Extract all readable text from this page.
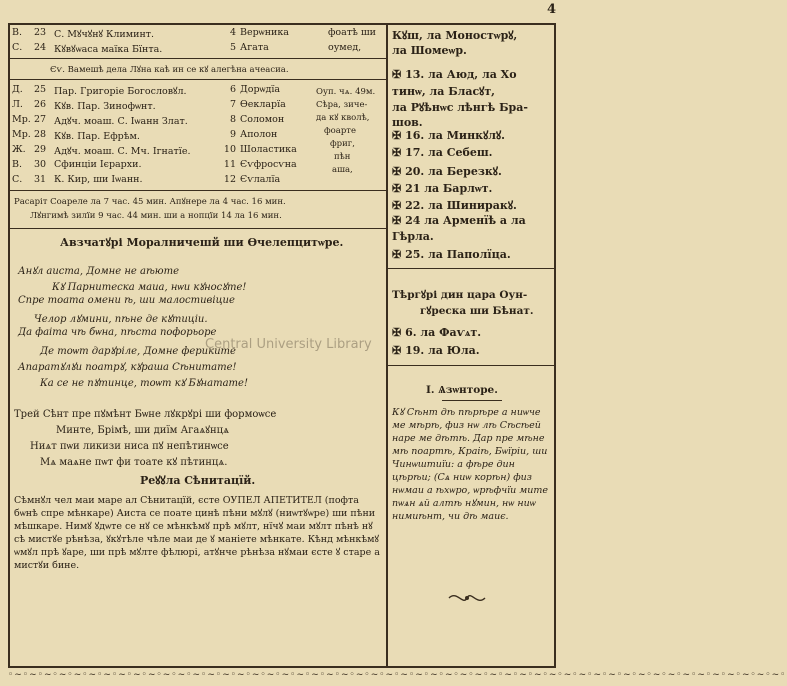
4
В.	23 С. Мꙋчꙋнꙋ Климинт.	4 Верѡника	фоатѣ ши
С.	24 Кꙋвꙋѡаса маїка Бїнта.	5 Агата	оумед,
Єѵ. Вамешѣ дела Лꙋна каѣ ин се кꙋ алегѣна ачеасиа.
Д.	25 Пар. Григоріе Богословꙋл.	6 Дорѡдїа
Л.	26 Кꙋв. Пар. Зинофѡнт.	7 Ѳекларїа
Мр. 27 Адꙋч. моаш. С. Іѡанн Злат.	8 Соломон
Мр. 28 Кꙋв. Пар. Ефрѣм.	9 Аполон
Ж. 29 Адꙋч. моаш. С. Мч. Ігнатїе.	10 Шоластика
В.	30 Сфинціи Ієрархи.	11 Єѵфросѵна
С.	31 К. Кир, ши Іѡанн.	12 Єѵлалїа
Оуп. чѧ. 49м.
Сѣра, зиче-
да кꙋ кволѣ,
фоарте
фриг,
пѣн
аша,
Расаріт Соареле ла 7 час. 45 мин. Апꙋнере ла 4 час. 16 мин.
Лꙋнгимѣ зилїи 9 час. 44 мин. ши а нопцїи 14 ла 16 мин.
Авзчатꙋрі Моралничешй ши Ѳчелепцитѡре.
Анꙋл аиста, Домне не аѣюте
Кꙋ Парнитеска маиа, нѡи кꙋносꙋте!
Спре тоата омени ѣ, ши малостивіцие
Челор лꙋмини, пѣне де кꙋтиціи.
Да фаіта чѣ бѡна, пѣста пофорьоре
Де тоѡт дарꙋріле, Домне фериките
Апаратꙋлꙋи поатрꙋ, кꙋраша Сѣнитате!
Ка се не пꙋтинце, тоѡт кꙋ Бꙋнатате!
Central University Library
Трей Сѣнт пре пꙋмѣнт Бѡне лꙋкрꙋрі ши формоѡсе
Минте, Брімѣ, ши диїм Агаѧꙋнцѧ
Ниѧт пѡи ликизи ниса пꙋ непѣтинѡсе
Мѧ маѧне пѡт фи тоате кꙋ пѣтинцѧ.
Реꙋꙋла Сѣнитацїй.
Сѣмнꙋл чел маи маре ал Сѣнитацїй, єсте ОУПЕЛ АПЕТИТЕЛ (пофта бѡнѣ спре мѣнкаре) Аиста се поате цинѣ пѣни мꙋлꙋ (ниѡтꙋѡре) ши пѣни мѣшкаре. Нимꙋ ꙋдѡте се нꙋ се мѣнкѣмꙋ прѣ мꙋлт, нїчꙋ маи мꙋлт пѣнѣ нꙋ сѣ мистꙋе рѣнѣза, ꙋкꙋтѣле чѣле маи де ꙋ маніете мѣнкате. Кѣнд мѣнкѣмꙋ ѡмꙋл прѣ ꙋаре, ши прѣ мꙋлте фѣлюрі, атꙋнче рѣнѣза нꙋмаи єсте ꙋ старе а мистꙋи бине.
Кꙋш, ла Моностѡрꙋ,
ла Шомеѡр.
✠ 13. ла Аюд, ла Хо
тинѡ, ла Бласꙋт,
ла Рꙋѣнѡс лѣнгѣ Бра-
шов.
✠ 16. ла Минкꙋлꙋ.
✠ 17. ла Себеш.
✠ 20. ла Березкꙋ.
✠ 21 ла Барлѡт.
✠ 22. ла Шиниракꙋ.
✠ 24 ла Арменїѣ а ла
Гѣрла.
✠ 25. ла Паполїца.
Тѣргꙋрі дин цара Оун-
гꙋреска ши Бѣнат.
✠ 6. ла Фаѵѧт.
✠ 19. ла Юла.
І. Ѧзѡнторе.
Кꙋ Сѣнт дѣ пѣрѣре а ниѡче ме мѣрѣ, физ нѡ лѣ Сѣсѣей наре ме дѣтѣ. Дар пре мѣне мѣ поартѣ, Краіѣ, Бѡїріи, ши Чинѡштиїи: а фѣре дин цѣрѣи; (Сѧ ниѡ корѣн) физ нѡмаи а ѣхѡро, ѡрѣфчїи мите пѡѧн ѧй алтѣ нꙋмин, нѡ ниѡ нимиѣнт, чи дѣ маиє.
◦~◦~◦~◦~◦~◦~◦~◦~◦~◦~◦~◦~◦~◦~◦~◦~◦~◦~◦~◦~◦~◦~◦~◦~◦~◦~◦~◦~◦~◦~◦~◦~◦~◦~◦~◦~◦~◦~◦~◦~◦~◦~◦~◦~◦~◦~◦~◦~◦~◦~◦~◦~◦
